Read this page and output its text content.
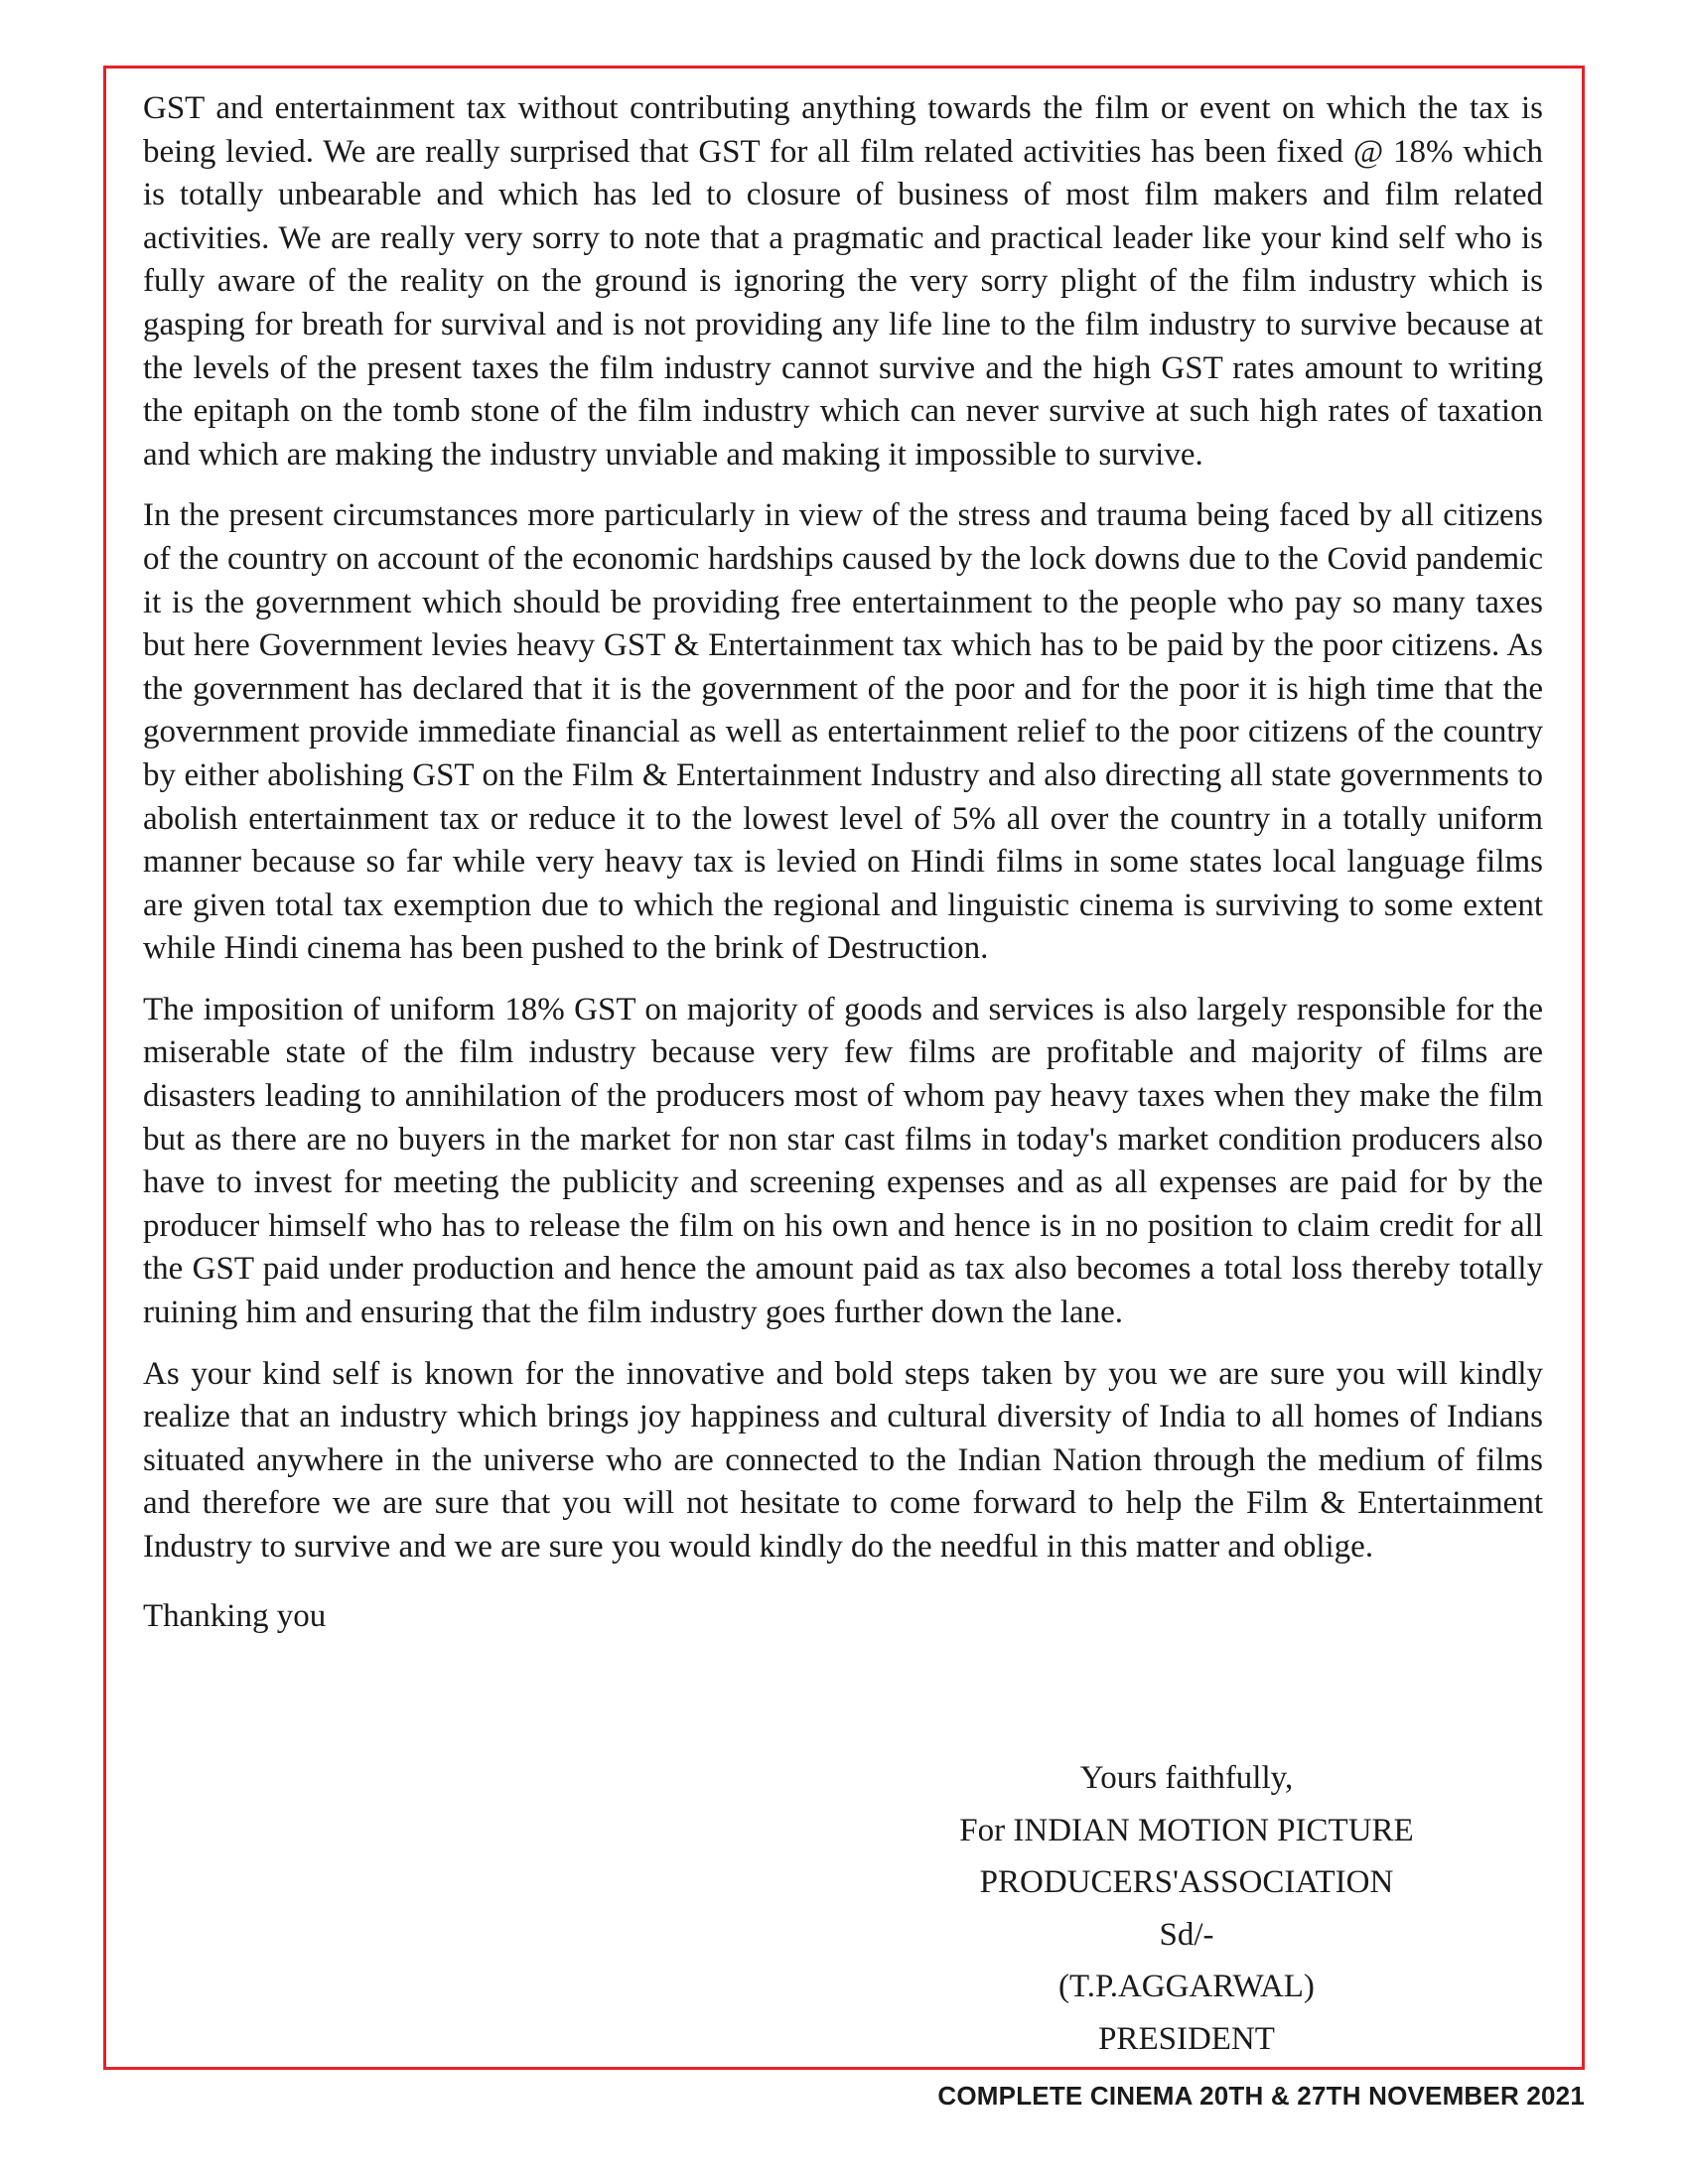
GST and entertainment tax without contributing anything towards the film or event on which the tax is being levied. We are really surprised that GST for all film related activities has been fixed @ 18% which is totally unbearable and which has led to closure of business of most film makers and film related activities. We are really very sorry to note that a pragmatic and practical leader like your kind self who is fully aware of the reality on the ground is ignoring the very sorry plight of the film industry which is gasping for breath for survival and is not providing any life line to the film industry to survive because at the levels of the present taxes the film industry cannot survive and the high GST rates amount to writing the epitaph on the tomb stone of the film industry which can never survive at such high rates of taxation and which are making the industry unviable and making it impossible to survive.

In the present circumstances more particularly in view of the stress and trauma being faced by all citizens of the country on account of the economic hardships caused by the lock downs due to the Covid pandemic it is the government which should be providing free entertainment to the people who pay so many taxes but here Government levies heavy GST & Entertainment tax which has to be paid by the poor citizens. As the government has declared that it is the government of the poor and for the poor it is high time that the government provide immediate financial as well as entertainment relief to the poor citizens of the country by either abolishing GST on the Film & Entertainment Industry and also directing all state governments to abolish entertainment tax or reduce it to the lowest level of 5% all over the country in a totally uniform manner because so far while very heavy tax is levied on Hindi films in some states local language films are given total tax exemption due to which the regional and linguistic cinema is surviving to some extent while Hindi cinema has been pushed to the brink of Destruction.

The imposition of uniform 18% GST on majority of goods and services is also largely responsible for the miserable state of the film industry because very few films are profitable and majority of films are disasters leading to annihilation of the producers most of whom pay heavy taxes when they make the film but as there are no buyers in the market for non star cast films in today's market condition producers also have to invest for meeting the publicity and screening expenses and as all expenses are paid for by the producer himself who has to release the film on his own and hence is in no position to claim credit for all the GST paid under production and hence the amount paid as tax also becomes a total loss thereby totally ruining him and ensuring that the film industry goes further down the lane.

As your kind self is known for the innovative and bold steps taken by you we are sure you will kindly realize that an industry which brings joy happiness and cultural diversity of India to all homes of Indians situated anywhere in the universe who are connected to the Indian Nation through the medium of films and therefore we are sure that you will not hesitate to come forward to help the Film & Entertainment Industry to survive and we are sure you would kindly do the needful in this matter and oblige.

Thanking you

Yours faithfully,
For INDIAN MOTION PICTURE
PRODUCERS'ASSOCIATION
Sd/-
(T.P.AGGARWAL)
PRESIDENT
COMPLETE CINEMA 20TH & 27TH NOVEMBER 2021
